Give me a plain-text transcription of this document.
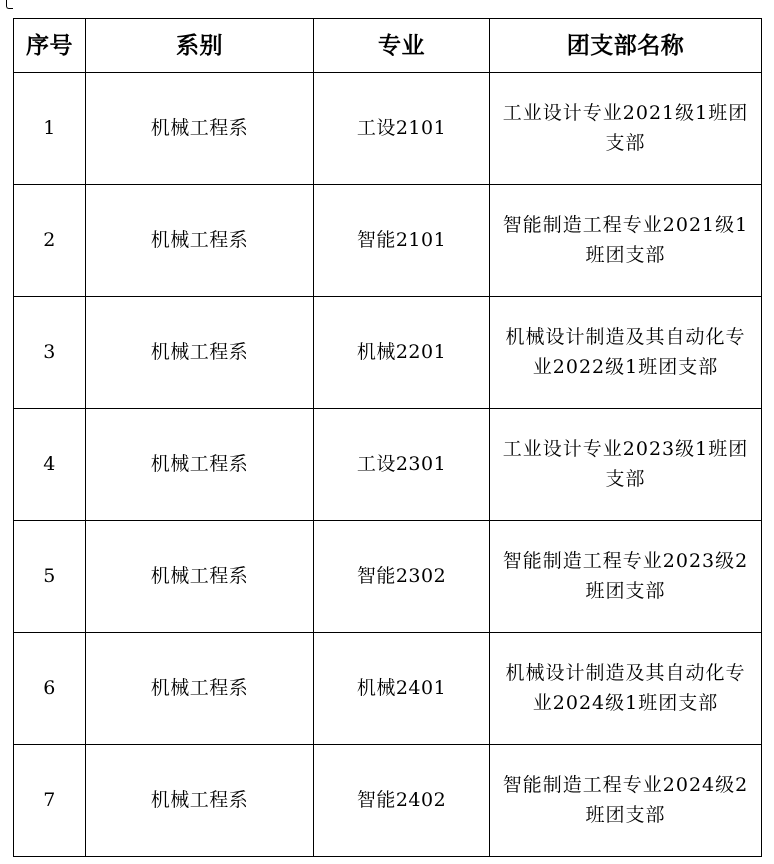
序号	系别	专业	团支部名称
1	机械工程系	工设2101	工业设计专业2021级1班团支部
2	机械工程系	智能2101	智能制造工程专业2021级1班团支部
3	机械工程系	机械2201	机械设计制造及其自动化专业2022级1班团支部
4	机械工程系	工设2301	工业设计专业2023级1班团支部
5	机械工程系	智能2302	智能制造工程专业2023级2班团支部
6	机械工程系	机械2401	机械设计制造及其自动化专业2024级1班团支部
7	机械工程系	智能2402	智能制造工程专业2024级2班团支部
